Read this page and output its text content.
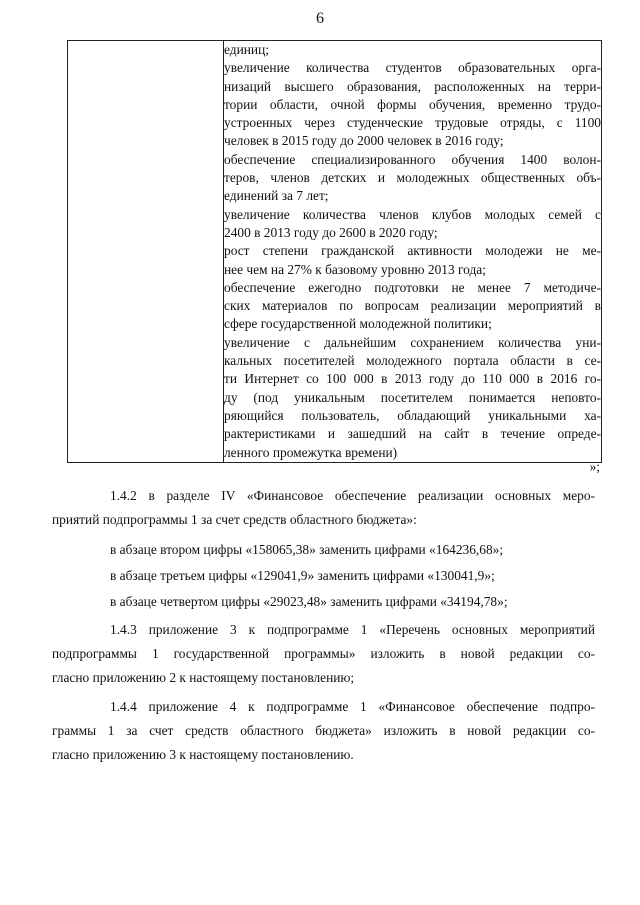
6

единиц;
увеличение количества студентов образовательных орга-
низаций высшего образования, расположенных на терри-
тории области, очной формы обучения, временно трудо-
устроенных через студенческие трудовые отряды, с 1100
человек в 2015 году до 2000 человек в 2016 году;
обеспечение специализированного обучения 1400 волон-
теров, членов детских и молодежных общественных объ-
единений за 7 лет;
увеличение количества членов клубов молодых семей с
2400 в 2013 году до 2600 в 2020 году;
рост степени гражданской активности молодежи не ме-
нее чем на 27% к базовому уровню 2013 года;
обеспечение ежегодно подготовки не менее 7 методиче-
ских материалов по вопросам реализации мероприятий в
сфере государственной молодежной политики;
увеличение с дальнейшим сохранением количества уни-
кальных посетителей молодежного портала области в се-
ти Интернет со 100 000 в 2013 году до 110 000 в 2016 го-
ду (под уникальным посетителем понимается неповто-
ряющийся пользователь, обладающий уникальными ха-
рактеристиками и зашедший на сайт в течение опреде-
ленного промежутка времени)
»;
1.4.2 в разделе IV «Финансовое обеспечение реализации основных меро-
приятий подпрограммы 1 за счет средств областного бюджета»:
в абзаце втором цифры «158065,38» заменить цифрами «164236,68»;
в абзаце третьем цифры «129041,9» заменить цифрами «130041,9»;
в абзаце четвертом цифры «29023,48» заменить цифрами «34194,78»;
1.4.3 приложение 3 к подпрограмме 1 «Перечень основных мероприятий
подпрограммы 1 государственной программы» изложить в новой редакции со-
гласно приложению 2 к настоящему постановлению;
1.4.4 приложение 4 к подпрограмме 1 «Финансовое обеспечение подпро-
граммы 1 за счет средств областного бюджета» изложить в новой редакции со-
гласно приложению 3 к настоящему постановлению.
